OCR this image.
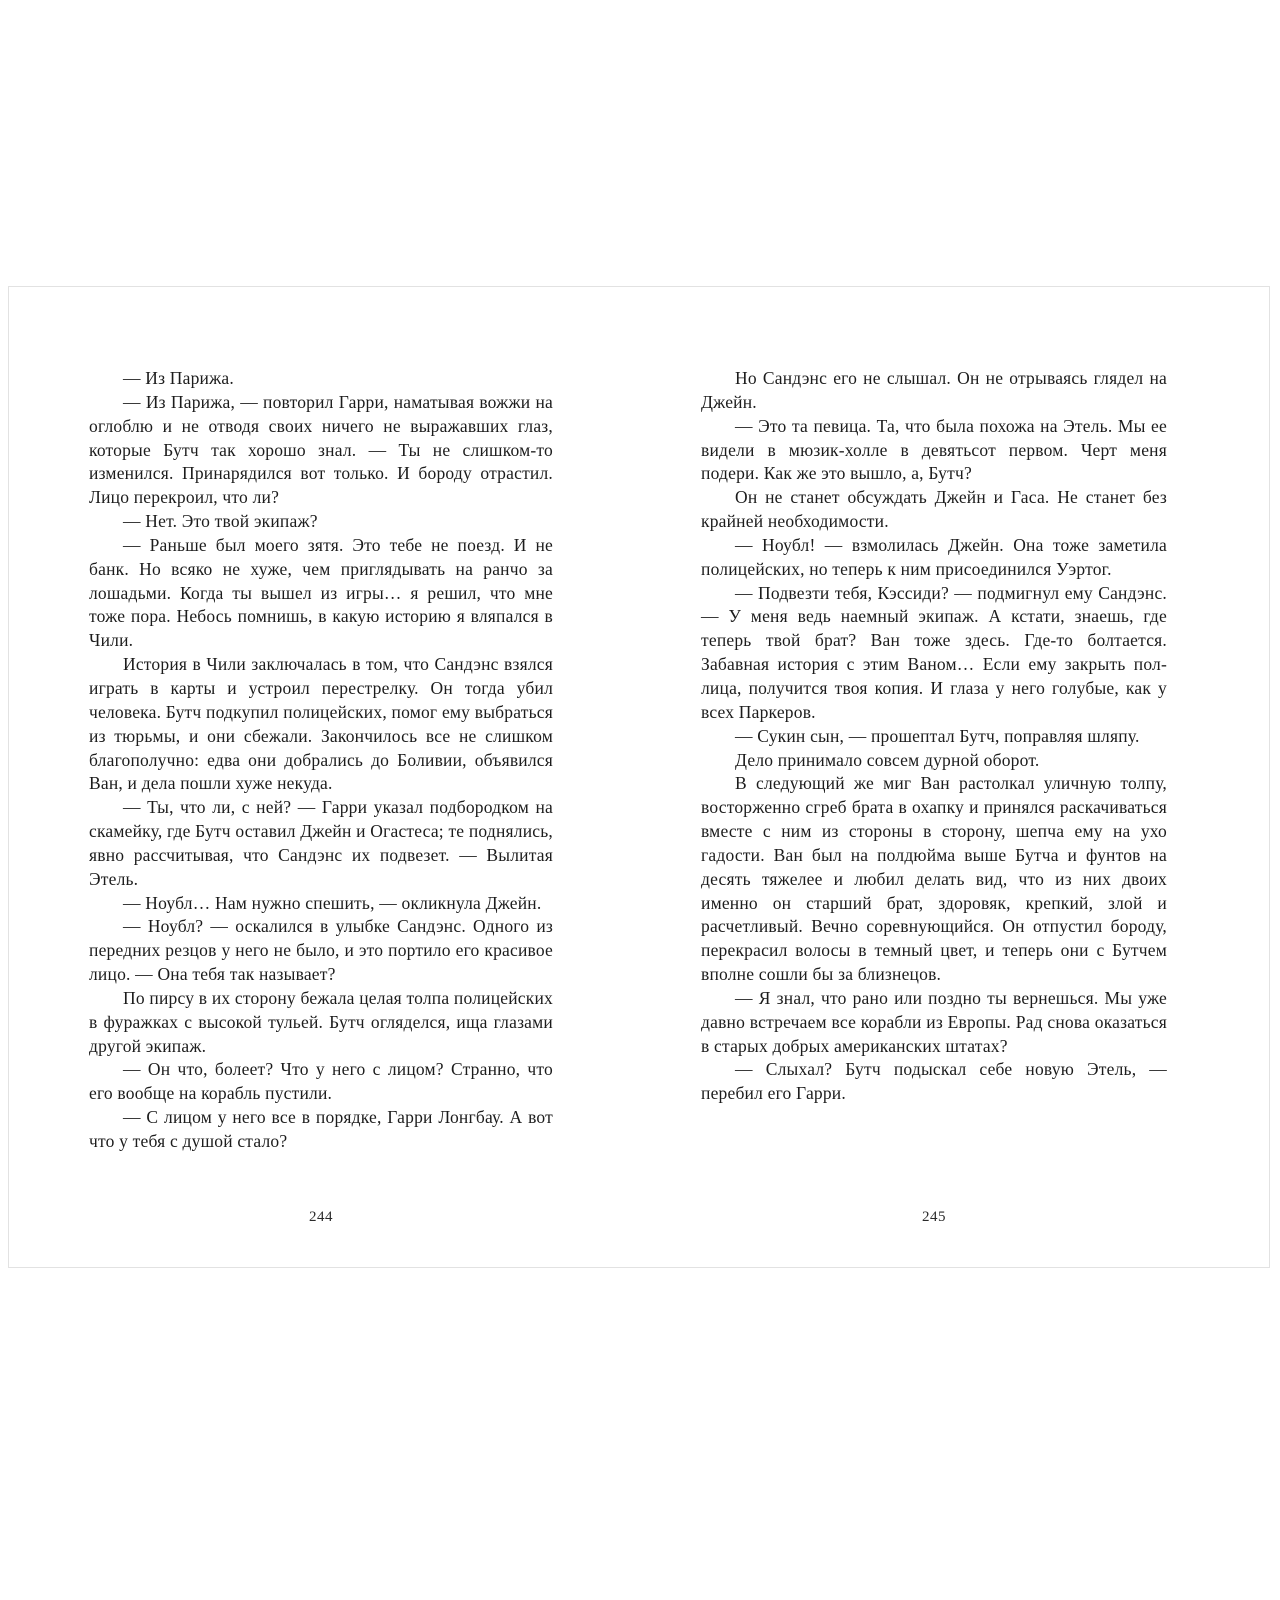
— Из Парижа.

— Из Парижа, — повторил Гарри, наматывая вожжи на оглоблю и не отводя своих ничего не выражавших глаз, которые Бутч так хорошо знал. — Ты не слишком-то изменился. Принарядился вот только. И бороду отрастил. Лицо перекроил, что ли?

— Нет. Это твой экипаж?

— Раньше был моего зятя. Это тебе не поезд. И не банк. Но всяко не хуже, чем приглядывать на ранчо за лошадьми. Когда ты вышел из игры… я решил, что мне тоже пора. Небось помнишь, в какую историю я вляпался в Чили.

История в Чили заключалась в том, что Сандэнс взялся играть в карты и устроил перестрелку. Он тогда убил человека. Бутч подкупил полицейских, помог ему выбраться из тюрьмы, и они сбежали. Закончилось все не слишком благополучно: едва они добрались до Боливии, объявился Ван, и дела пошли хуже некуда.

— Ты, что ли, с ней? — Гарри указал подбородком на скамейку, где Бутч оставил Джейн и Огастеса; те поднялись, явно рассчитывая, что Сандэнс их подвезет. — Вылитая Этель.

— Ноубл… Нам нужно спешить, — окликнула Джейн.

— Ноубл? — оскалился в улыбке Сандэнс. Одного из передних резцов у него не было, и это портило его красивое лицо. — Она тебя так называет?

По пирсу в их сторону бежала целая толпа полицейских в фуражках с высокой тульей. Бутч огляделся, ища глазами другой экипаж.

— Он что, болеет? Что у него с лицом? Странно, что его вообще на корабль пустили.

— С лицом у него все в порядке, Гарри Лонгбау. А вот что у тебя с душой стало?

244

Но Сандэнс его не слышал. Он не отрываясь глядел на Джейн.

— Это та певица. Та, что была похожа на Этель. Мы ее видели в мюзик-холле в девятьсот первом. Черт меня подери. Как же это вышло, а, Бутч?

Он не станет обсуждать Джейн и Гаса. Не станет без крайней необходимости.

— Ноубл! — взмолилась Джейн. Она тоже заметила полицейских, но теперь к ним присоединился Уэртог.

— Подвезти тебя, Кэссиди? — подмигнул ему Сандэнс. — У меня ведь наемный экипаж. А кстати, знаешь, где теперь твой брат? Ван тоже здесь. Где-то болтается. Забавная история с этим Ваном… Если ему закрыть пол-лица, получится твоя копия. И глаза у него голубые, как у всех Паркеров.

— Сукин сын, — прошептал Бутч, поправляя шляпу.

Дело принимало совсем дурной оборот.

В следующий же миг Ван растолкал уличную толпу, восторженно сгреб брата в охапку и принялся раскачиваться вместе с ним из стороны в сторону, шепча ему на ухо гадости. Ван был на полдюйма выше Бутча и фунтов на десять тяжелее и любил делать вид, что из них двоих именно он старший брат, здоровяк, крепкий, злой и расчетливый. Вечно соревнующийся. Он отпустил бороду, перекрасил волосы в темный цвет, и теперь они с Бутчем вполне сошли бы за близнецов.

— Я знал, что рано или поздно ты вернешься. Мы уже давно встречаем все корабли из Европы. Рад снова оказаться в старых добрых американских штатах?

— Слыхал? Бутч подыскал себе новую Этель, — перебил его Гарри.

245
